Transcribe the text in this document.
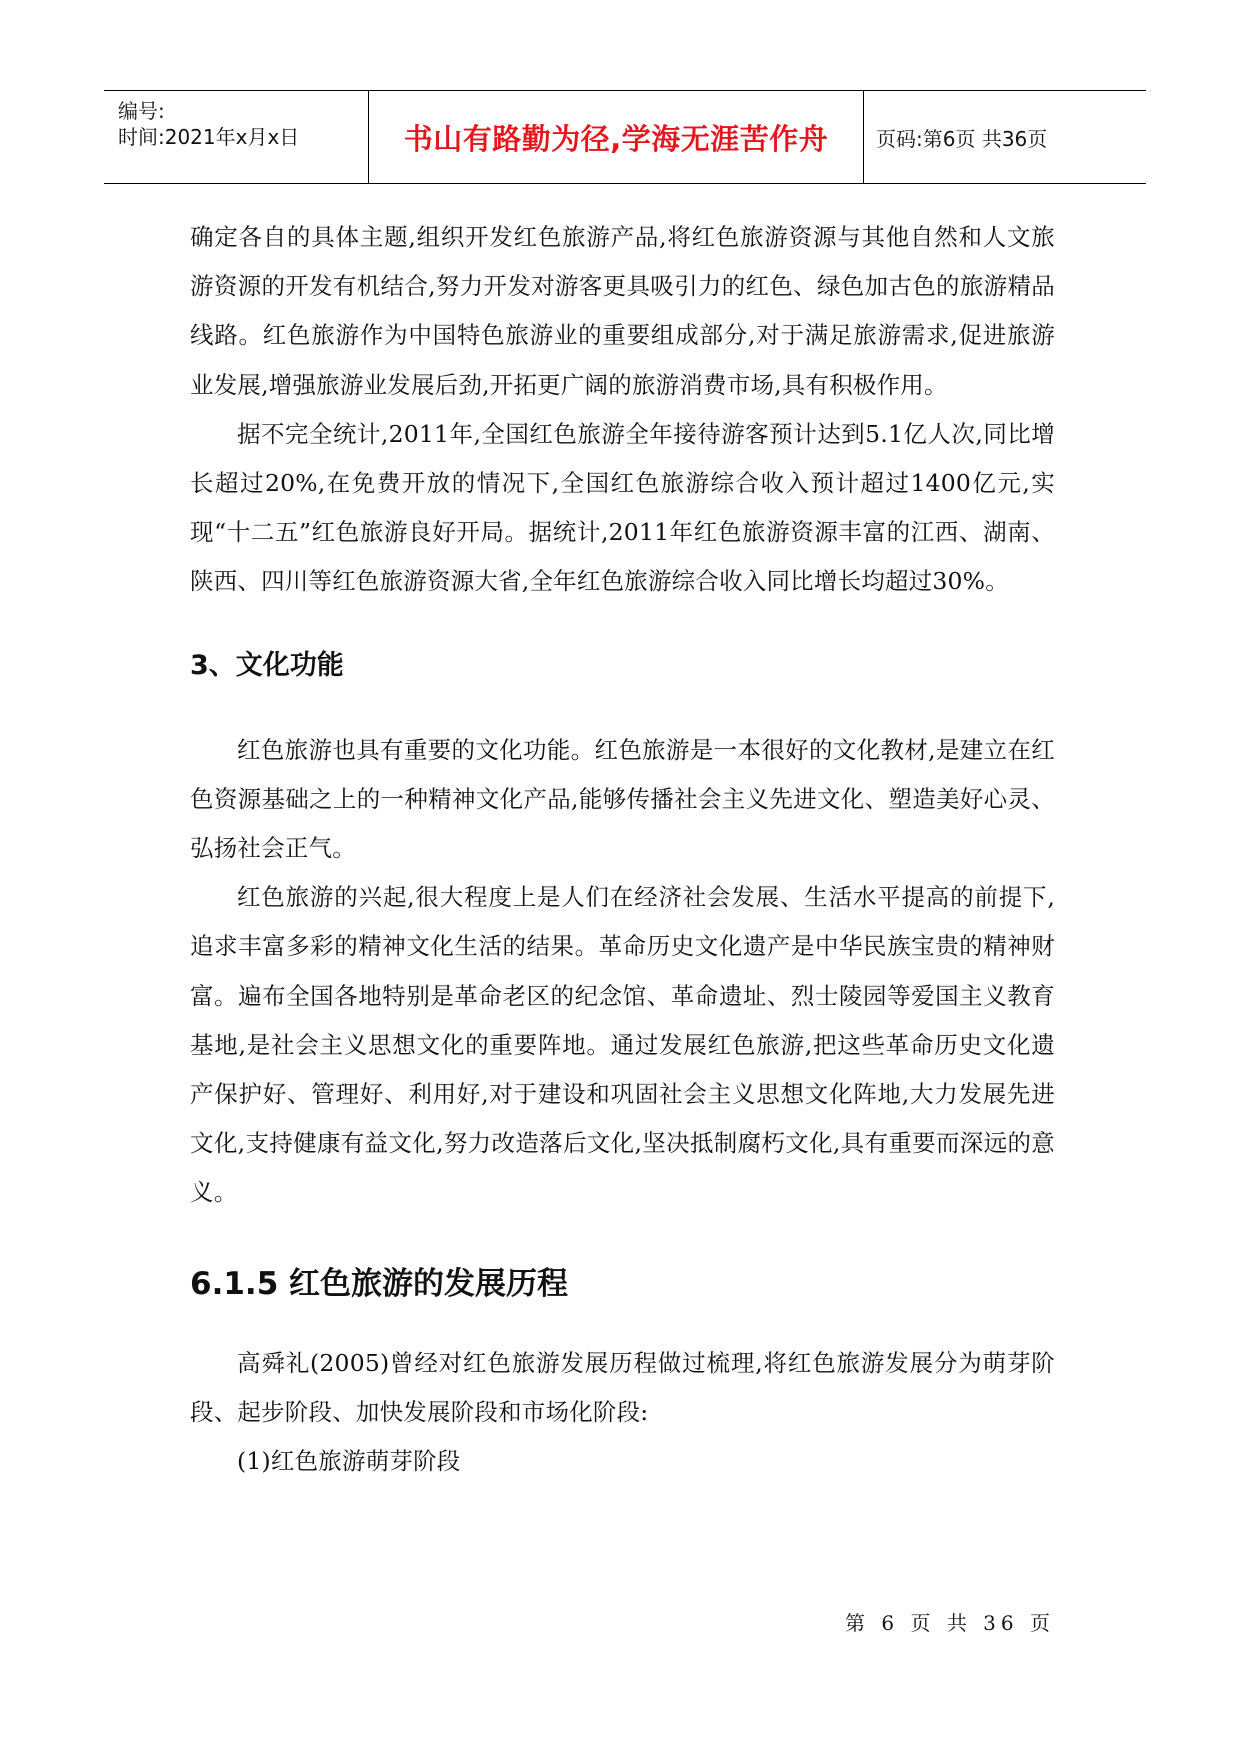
编号:
时间:2021年x月x日	书山有路勤为径,学海无涯苦作舟	页码:第6页 共36页

确定各自的具体主题,组织开发红色旅游产品,将红色旅游资源与其他自然和人文旅游资源的开发有机结合,努力开发对游客更具吸引力的红色、绿色加古色的旅游精品线路。红色旅游作为中国特色旅游业的重要组成部分,对于满足旅游需求,促进旅游业发展,增强旅游业发展后劲,开拓更广阔的旅游消费市场,具有积极作用。

据不完全统计,2011年,全国红色旅游全年接待游客预计达到5.1亿人次,同比增长超过20%,在免费开放的情况下,全国红色旅游综合收入预计超过1400亿元,实现“十二五”红色旅游良好开局。据统计,2011年红色旅游资源丰富的江西、湖南、陕西、四川等红色旅游资源大省,全年红色旅游综合收入同比增长均超过30%。

3、文化功能

红色旅游也具有重要的文化功能。红色旅游是一本很好的文化教材,是建立在红色资源基础之上的一种精神文化产品,能够传播社会主义先进文化、塑造美好心灵、弘扬社会正气。

红色旅游的兴起,很大程度上是人们在经济社会发展、生活水平提高的前提下,追求丰富多彩的精神文化生活的结果。革命历史文化遗产是中华民族宝贵的精神财富。遍布全国各地特别是革命老区的纪念馆、革命遗址、烈士陵园等爱国主义教育基地,是社会主义思想文化的重要阵地。通过发展红色旅游,把这些革命历史文化遗产保护好、管理好、利用好,对于建设和巩固社会主义思想文化阵地,大力发展先进文化,支持健康有益文化,努力改造落后文化,坚决抵制腐朽文化,具有重要而深远的意义。

6.1.5 红色旅游的发展历程

高舜礼(2005)曾经对红色旅游发展历程做过梳理,将红色旅游发展分为萌芽阶段、起步阶段、加快发展阶段和市场化阶段:

(1)红色旅游萌芽阶段

第 6 页 共 36 页
